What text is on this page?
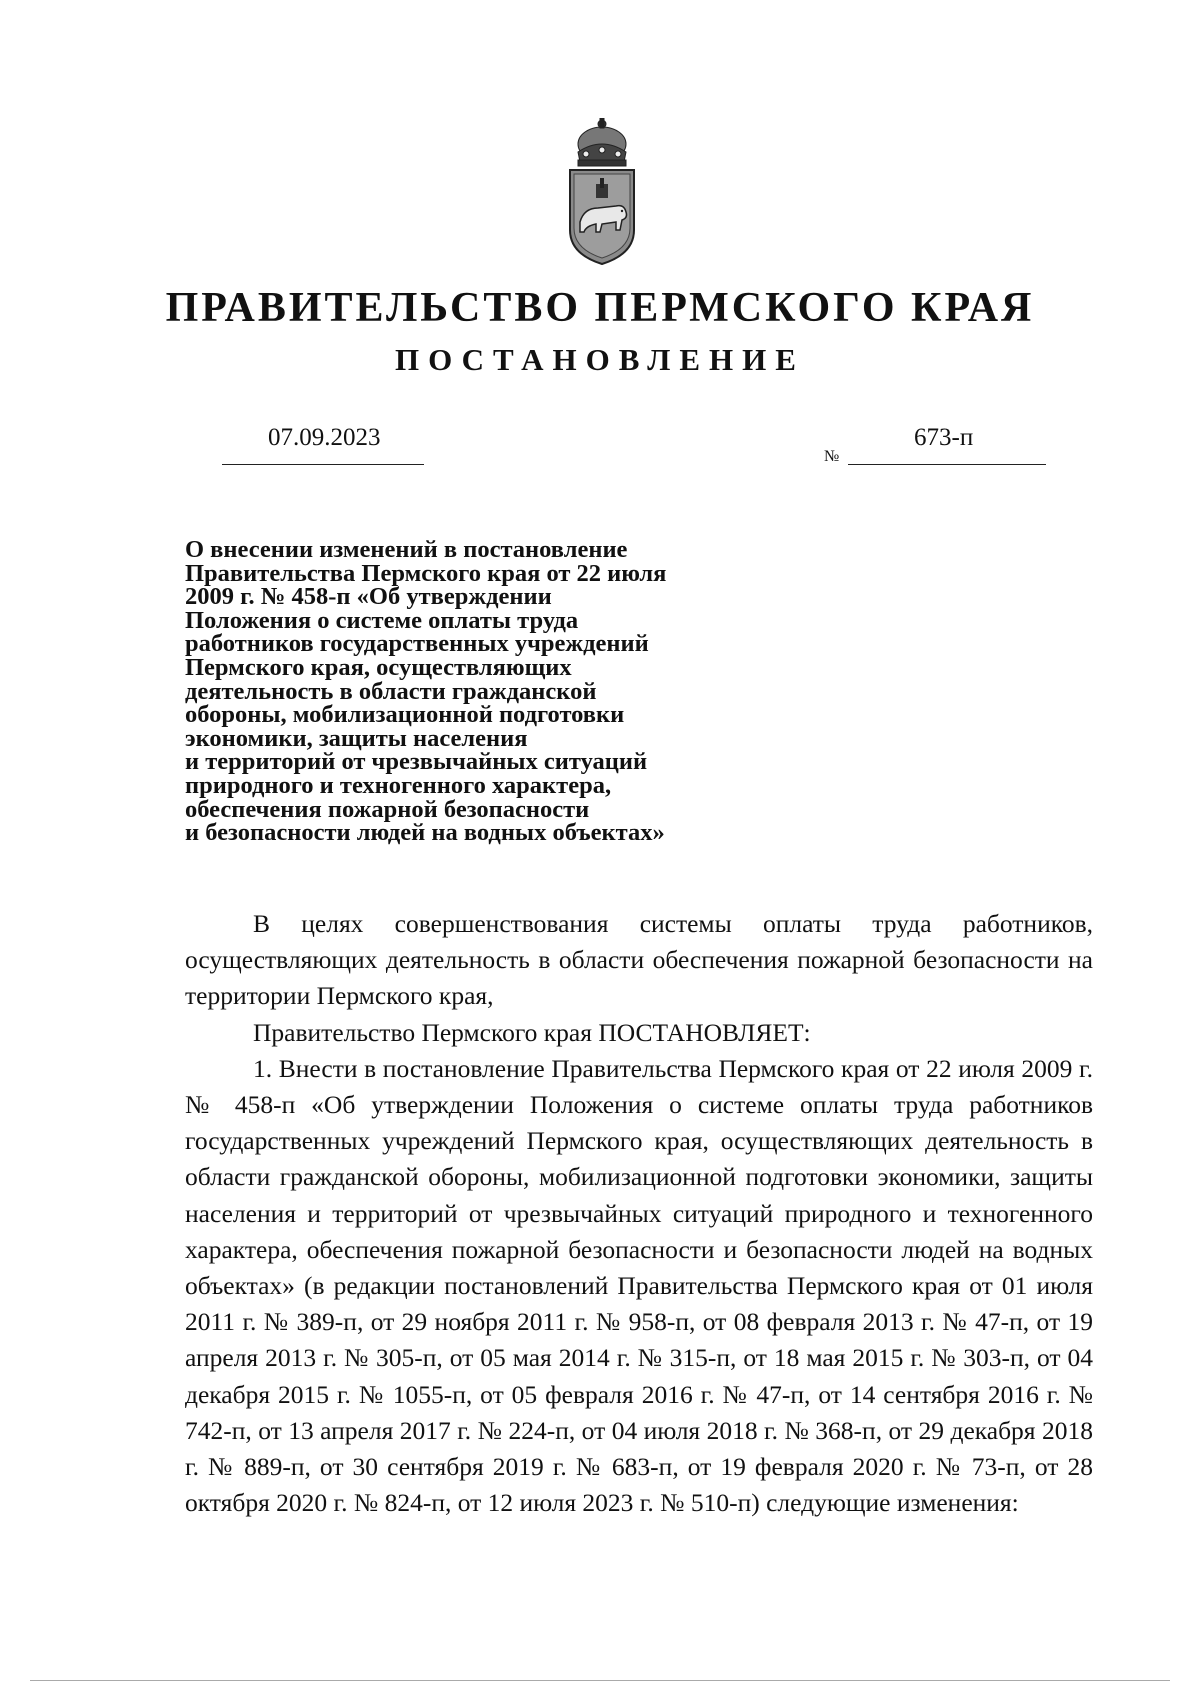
ПРАВИТЕЛЬСТВО ПЕРМСКОГО КРАЯ
ПОСТАНОВЛЕНИЕ
07.09.2023
№
673-п
О внесении изменений в постановление
Правительства Пермского края от 22 июля
2009 г. № 458-п «Об утверждении
Положения о системе оплаты труда
работников государственных учреждений
Пермского края, осуществляющих
деятельность в области гражданской
обороны, мобилизационной подготовки
экономики, защиты населения
и территорий от чрезвычайных ситуаций
природного и техногенного характера,
обеспечения пожарной безопасности
и безопасности людей на водных объектах»

В целях совершенствования системы оплаты труда работников, осуществляющих деятельность в области обеспечения пожарной безопасности на территории Пермского края,

Правительство Пермского края ПОСТАНОВЛЯЕТ:

1. Внести в постановление Правительства Пермского края от 22 июля 2009 г. № 458-п «Об утверждении Положения о системе оплаты труда работников государственных учреждений Пермского края, осуществляющих деятельность в области гражданской обороны, мобилизационной подготовки экономики, защиты населения и территорий от чрезвычайных ситуаций природного и техногенного характера, обеспечения пожарной безопасности и безопасности людей на водных объектах» (в редакции постановлений Правительства Пермского края от 01 июля 2011 г. № 389-п, от 29 ноября 2011 г. № 958-п, от 08 февраля 2013 г. № 47-п, от 19 апреля 2013 г. № 305-п, от 05 мая 2014 г. № 315-п, от 18 мая 2015 г. № 303-п, от 04 декабря 2015 г. № 1055-п, от 05 февраля 2016 г. № 47-п, от 14 сентября 2016 г. № 742-п, от 13 апреля 2017 г. № 224-п, от 04 июля 2018 г. № 368-п, от 29 декабря 2018 г. № 889-п, от 30 сентября 2019 г. № 683-п, от 19 февраля 2020 г. № 73-п, от 28 октября 2020 г. № 824-п, от 12 июля 2023 г. № 510-п) следующие изменения:
